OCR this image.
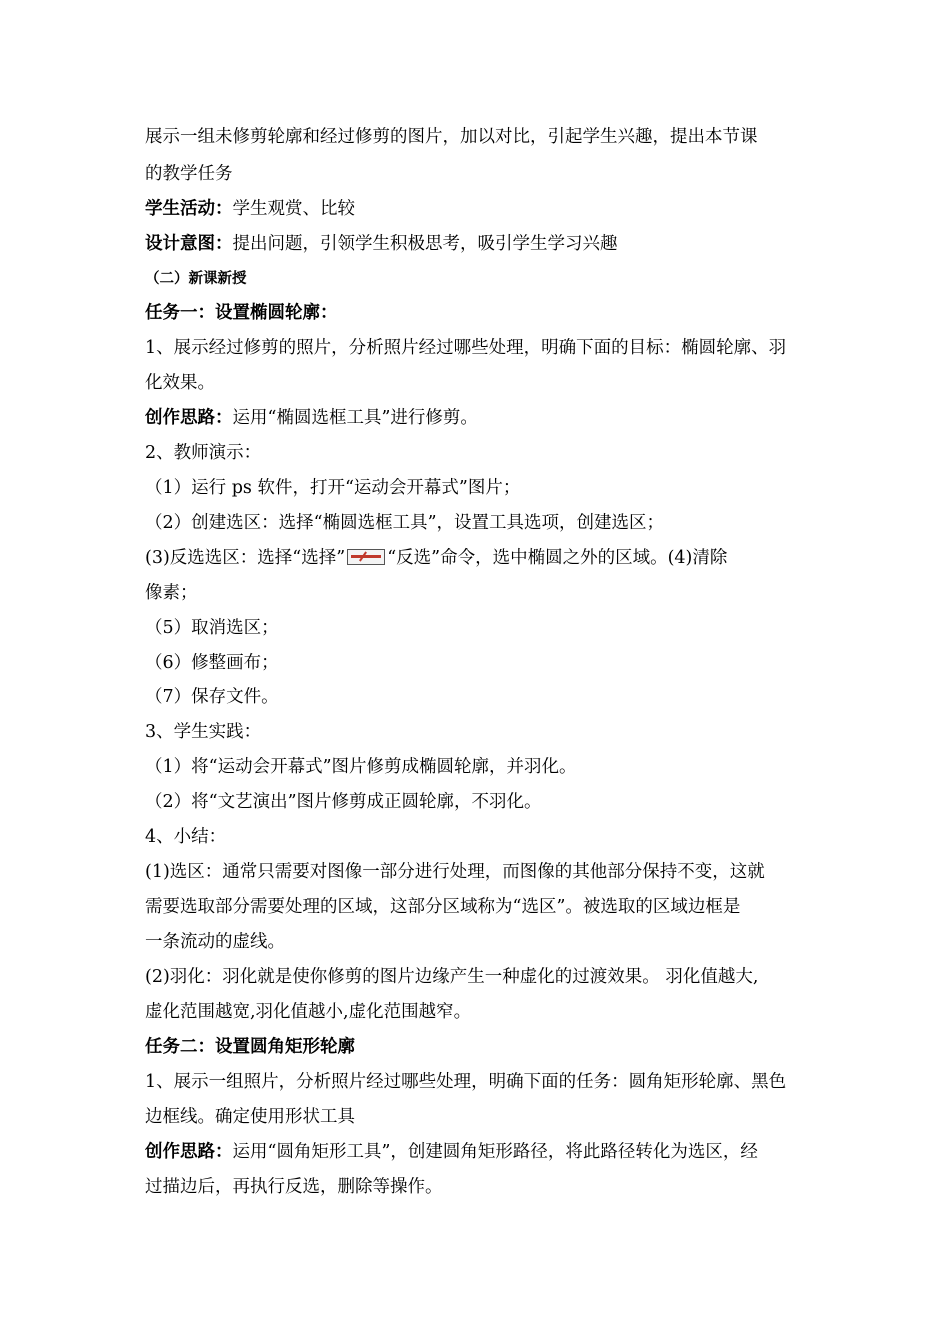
展示一组未修剪轮廓和经过修剪的图片，加以对比，引起学生兴趣，提出本节课
的教学任务
学生活动：学生观赏、比较
设计意图：提出问题，引领学生积极思考，吸引学生学习兴趣
（二）新课新授
任务一：设置椭圆轮廓：
1、展示经过修剪的照片，分析照片经过哪些处理，明确下面的目标：椭圆轮廓、羽
化效果。
创作思路：运用“椭圆选框工具”进行修剪。
2、教师演示：
（1）运行 ps 软件，打开“运动会开幕式”图片；
（2）创建选区：选择“椭圆选框工具”，设置工具选项，创建选区；
(3)反选选区：选择“选择” “反选”命令，选中椭圆之外的区域。(4)清除
像素；
（5）取消选区；
（6）修整画布；
（7）保存文件。
3、学生实践：
（1）将“运动会开幕式”图片修剪成椭圆轮廓，并羽化。
（2）将“文艺演出”图片修剪成正圆轮廓，不羽化。
4、小结：
(1)选区：通常只需要对图像一部分进行处理，而图像的其他部分保持不变，这就
需要选取部分需要处理的区域，这部分区域称为“选区”。被选取的区域边框是
一条流动的虚线。
(2)羽化：羽化就是使你修剪的图片边缘产生一种虚化的过渡效果。 羽化值越大,
虚化范围越宽,羽化值越小,虚化范围越窄。
任务二：设置圆角矩形轮廓
1、展示一组照片，分析照片经过哪些处理，明确下面的任务：圆角矩形轮廓、黑色
边框线。确定使用形状工具
创作思路：运用“圆角矩形工具”，创建圆角矩形路径，将此路径转化为选区，经
过描边后，再执行反选，删除等操作。
